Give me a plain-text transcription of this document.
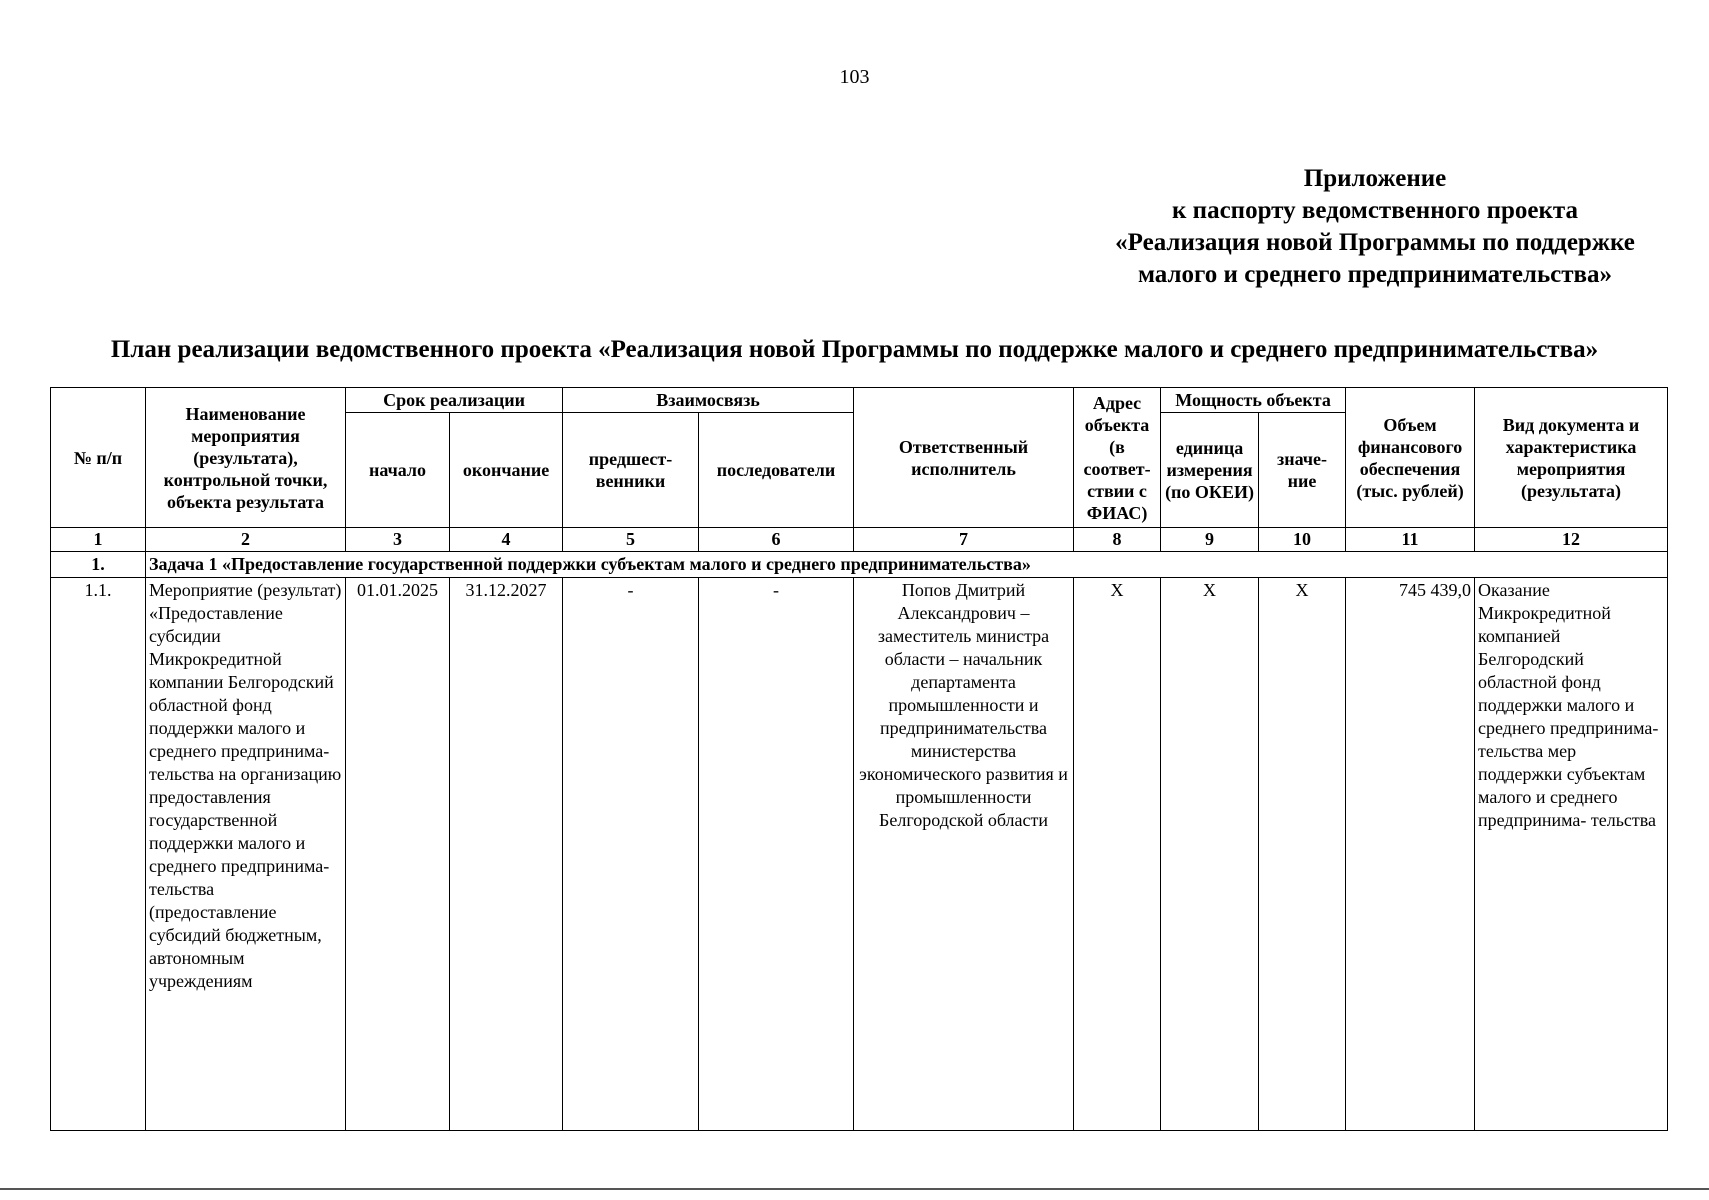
103
Приложение
к паспорту ведомственного проекта
«Реализация новой Программы по поддержке
малого и среднего предпринимательства»
План реализации ведомственного проекта «Реализация новой Программы по поддержке малого и среднего предпринимательства»
№ п/п	Наименование мероприятия (результата), контрольной точки, объекта результата	Срок реализации		Взаимосвязь		Ответственный исполнитель	Адрес объекта (в соответ- ствии с ФИАС)	Мощность объекта		Объем финансового обеспечения (тыс. рублей)	Вид документа и характеристика мероприятия (результата)
		начало	окончание	предшест- венники	последователи			единица измерения (по ОКЕИ)	значе- ние		
1	2	3	4	5	6	7	8	9	10	11	12
1.	Задача 1 «Предоставление государственной поддержки субъектам малого и среднего предпринимательства»										
1.1.	Мероприятие (результат) «Предоставление субсидии Микрокредитной компании Белгородский областной фонд поддержки малого и среднего предпринима- тельства на организацию предоставления государственной поддержки малого и среднего предпринима- тельства (предоставление субсидий бюджетным, автономным учреждениям	01.01.2025	31.12.2027	-	-	Попов Дмитрий Александрович – заместитель министра области – начальник департамента промышленности и предпринимательства министерства экономического развития и промышленности Белгородской области	X	X	X	745 439,0	Оказание Микрокредитной компанией Белгородский областной фонд поддержки малого и среднего предпринима- тельства мер поддержки субъектам малого и среднего предпринима- тельства
